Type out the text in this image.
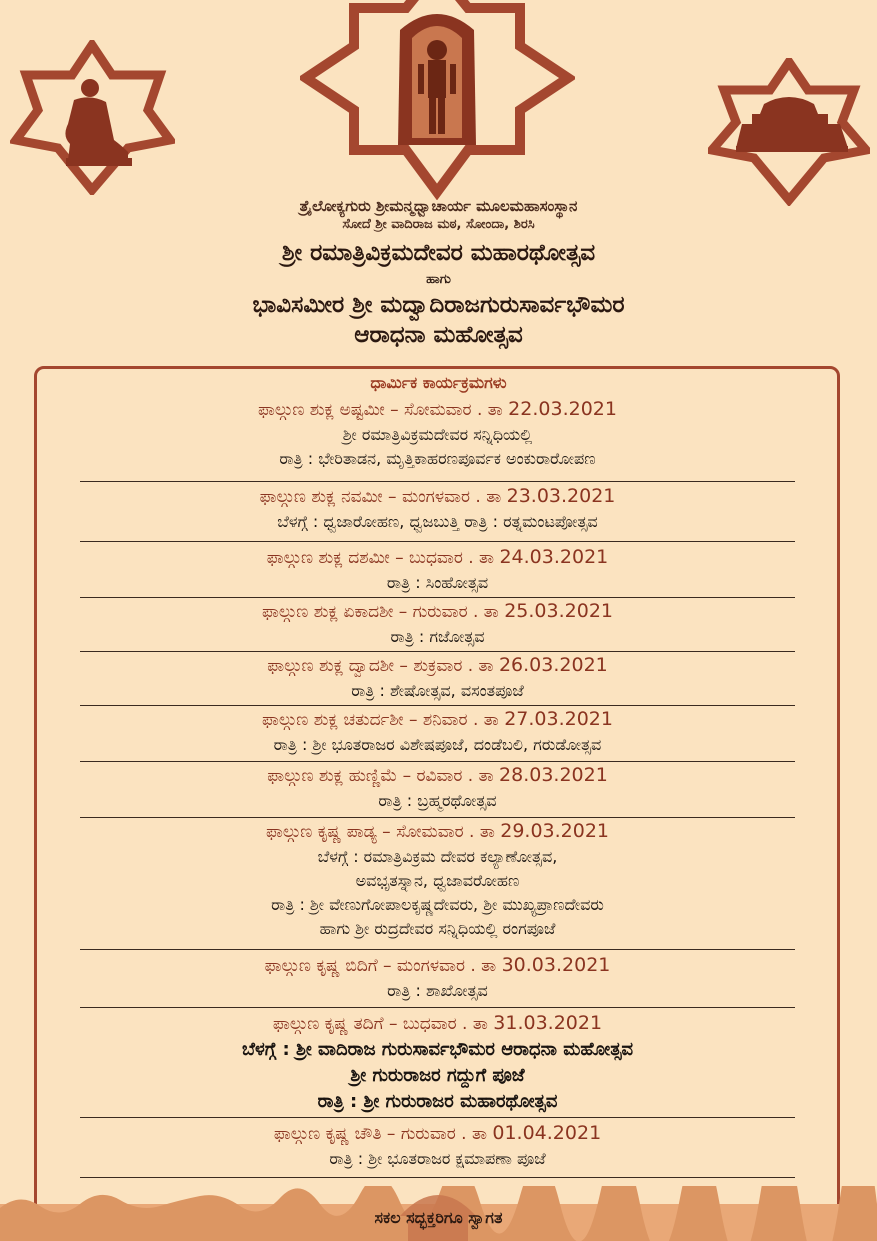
ತ್ರೈಲೋಕ್ಯಗುರು ಶ್ರೀಮನ್ಮಧ್ವಾಚಾರ್ಯ ಮೂಲಮಹಾಸಂಸ್ಥಾನ
ಸೋದೆ ಶ್ರೀ ವಾದಿರಾಜ ಮಠ, ಸೋಂದಾ, ಶಿರಸಿ
ಶ್ರೀ ರಮಾತ್ರಿವಿಕ್ರಮದೇವರ ಮಹಾರಥೋತ್ಸವ
ಹಾಗು
ಭಾವಿಸಮೀರ ಶ್ರೀ ಮದ್ವಾದಿರಾಜಗುರುಸಾರ್ವಭೌಮರ
ಆರಾಧನಾ ಮಹೋತ್ಸವ
ಧಾರ್ಮಿಕ ಕಾರ್ಯಕ್ರಮಗಳು
ಫಾಲ್ಗುಣ ಶುಕ್ಲ ಅಷ್ಟಮೀ – ಸೋಮವಾರ . ತಾ 22.03.2021
ಶ್ರೀ ರಮಾತ್ರಿವಿಕ್ರಮದೇವರ ಸನ್ನಿಧಿಯಲ್ಲಿ
ರಾತ್ರಿ : ಭೇರಿತಾಡನ, ಮೃತ್ತಿಕಾಹರಣಪೂರ್ವಕ ಅಂಕುರಾರೋಪಣ
ಫಾಲ್ಗುಣ ಶುಕ್ಲ ನವಮೀ – ಮಂಗಳವಾರ . ತಾ 23.03.2021
ಬೆಳಗ್ಗೆ : ಧ್ವಜಾರೋಹಣ, ಧ್ವಜಬುತ್ತಿ ರಾತ್ರಿ : ರತ್ನಮಂಟಪೋತ್ಸವ
ಫಾಲ್ಗುಣ ಶುಕ್ಲ ದಶಮೀ – ಬುಧವಾರ . ತಾ 24.03.2021
ರಾತ್ರಿ : ಸಿಂಹೋತ್ಸವ
ಫಾಲ್ಗುಣ ಶುಕ್ಲ ಏಕಾದಶೀ – ಗುರುವಾರ . ತಾ 25.03.2021
ರಾತ್ರಿ : ಗಜೋತ್ಸವ
ಫಾಲ್ಗುಣ ಶುಕ್ಲ ದ್ವಾದಶೀ – ಶುಕ್ರವಾರ . ತಾ 26.03.2021
ರಾತ್ರಿ : ಶೇಷೋತ್ಸವ, ವಸಂತಪೂಜೆ
ಫಾಲ್ಗುಣ ಶುಕ್ಲ ಚತುರ್ದಶೀ – ಶನಿವಾರ . ತಾ 27.03.2021
ರಾತ್ರಿ : ಶ್ರೀ ಭೂತರಾಜರ ವಿಶೇಷಪೂಜೆ, ದಂಡೆಬಲಿ, ಗರುಡೋತ್ಸವ
ಫಾಲ್ಗುಣ ಶುಕ್ಲ ಹುಣ್ಣಿಮೆ – ರವಿವಾರ . ತಾ 28.03.2021
ರಾತ್ರಿ : ಬ್ರಹ್ಮರಥೋತ್ಸವ
ಫಾಲ್ಗುಣ ಕೃಷ್ಣ ಪಾಡ್ಯ – ಸೋಮವಾರ . ತಾ 29.03.2021
ಬೆಳಗ್ಗೆ : ರಮಾತ್ರಿವಿಕ್ರಮ ದೇವರ ಕಲ್ಯಾಣೋತ್ಸವ,
ಅವಭೃತಸ್ನಾನ, ಧ್ವಜಾವರೋಹಣ
ರಾತ್ರಿ : ಶ್ರೀ ವೇಣುಗೋಪಾಲಕೃಷ್ಣದೇವರು, ಶ್ರೀ ಮುಖ್ಯಪ್ರಾಣದೇವರು
ಹಾಗು ಶ್ರೀ ರುದ್ರದೇವರ ಸನ್ನಿಧಿಯಲ್ಲಿ ರಂಗಪೂಜೆ
ಫಾಲ್ಗುಣ ಕೃಷ್ಣ ಬಿದಿಗೆ – ಮಂಗಳವಾರ . ತಾ 30.03.2021
ರಾತ್ರಿ : ಶಾಖೋತ್ಸವ
ಫಾಲ್ಗುಣ ಕೃಷ್ಣ ತದಿಗೆ – ಬುಧವಾರ . ತಾ 31.03.2021
ಬೆಳಗ್ಗೆ : ಶ್ರೀ ವಾದಿರಾಜ ಗುರುಸಾರ್ವಭೌಮರ ಆರಾಧನಾ ಮಹೋತ್ಸವ
ಶ್ರೀ ಗುರುರಾಜರ ಗದ್ದುಗೆ ಪೂಜೆ
ರಾತ್ರಿ : ಶ್ರೀ ಗುರುರಾಜರ ಮಹಾರಥೋತ್ಸವ
ಫಾಲ್ಗುಣ ಕೃಷ್ಣ ಚೌತಿ – ಗುರುವಾರ . ತಾ 01.04.2021
ರಾತ್ರಿ : ಶ್ರೀ ಭೂತರಾಜರ ಕ್ಷಮಾಪಣಾ ಪೂಜೆ
ಸಕಲ ಸದ್ಭಕ್ತರಿಗೂ ಸ್ವಾಗತ
